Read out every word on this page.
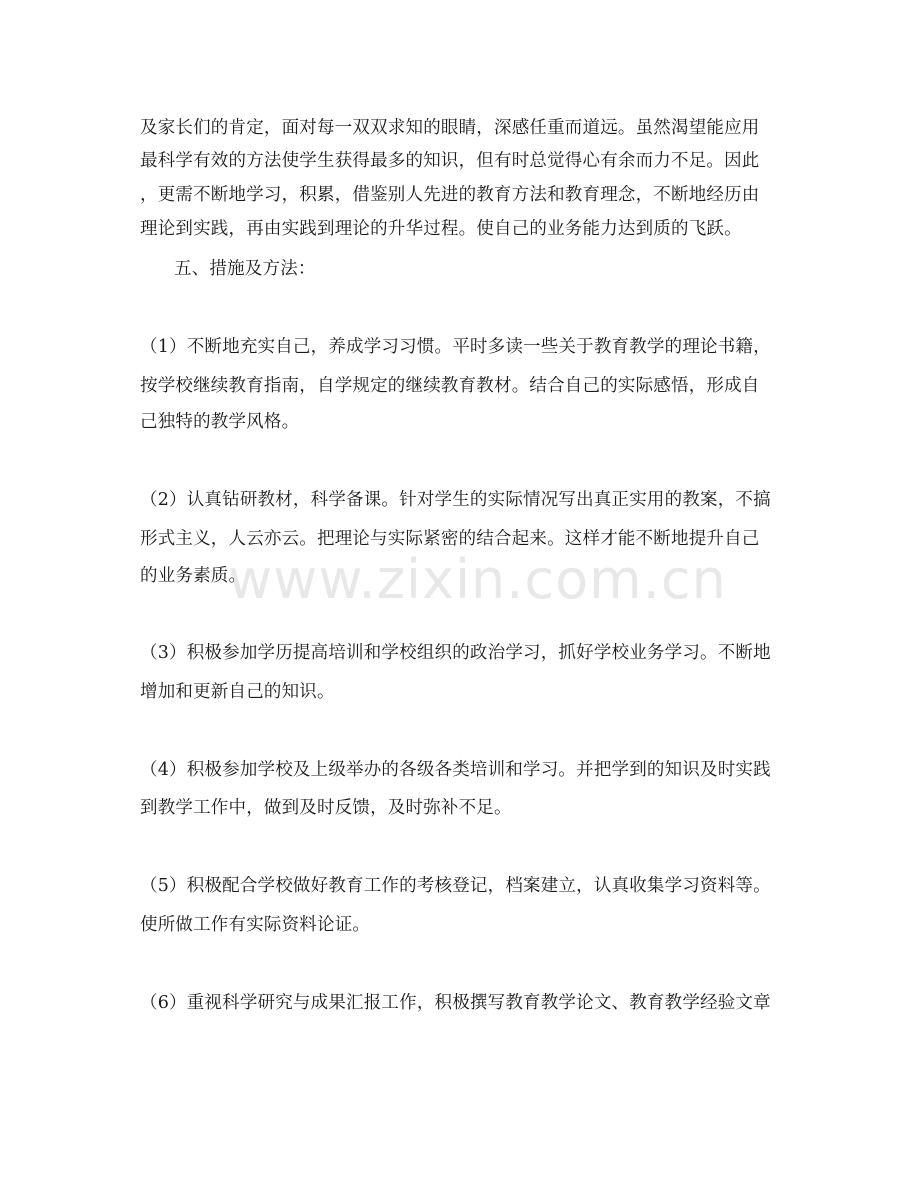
及家长们的肯定，面对每一双双求知的眼睛，深感任重而道远。虽然渴望能应用
最科学有效的方法使学生获得最多的知识，但有时总觉得心有余而力不足。因此
，更需不断地学习，积累，借鉴别人先进的教育方法和教育理念，不断地经历由
理论到实践，再由实践到理论的升华过程。使自己的业务能力达到质的飞跃。
五、措施及方法：
（1）不断地充实自己，养成学习习惯。平时多读一些关于教育教学的理论书籍，
按学校继续教育指南，自学规定的继续教育教材。结合自己的实际感悟，形成自
己独特的教学风格。
（2）认真钻研教材，科学备课。针对学生的实际情况写出真正实用的教案，不搞
形式主义，人云亦云。把理论与实际紧密的结合起来。这样才能不断地提升自己
的业务素质。
（3）积极参加学历提高培训和学校组织的政治学习，抓好学校业务学习。不断地
增加和更新自己的知识。
（4）积极参加学校及上级举办的各级各类培训和学习。并把学到的知识及时实践
到教学工作中，做到及时反馈，及时弥补不足。
（5）积极配合学校做好教育工作的考核登记，档案建立，认真收集学习资料等。
使所做工作有实际资料论证。
（6）重视科学研究与成果汇报工作，积极撰写教育教学论文、教育教学经验文章
www.zixin.com.cn
